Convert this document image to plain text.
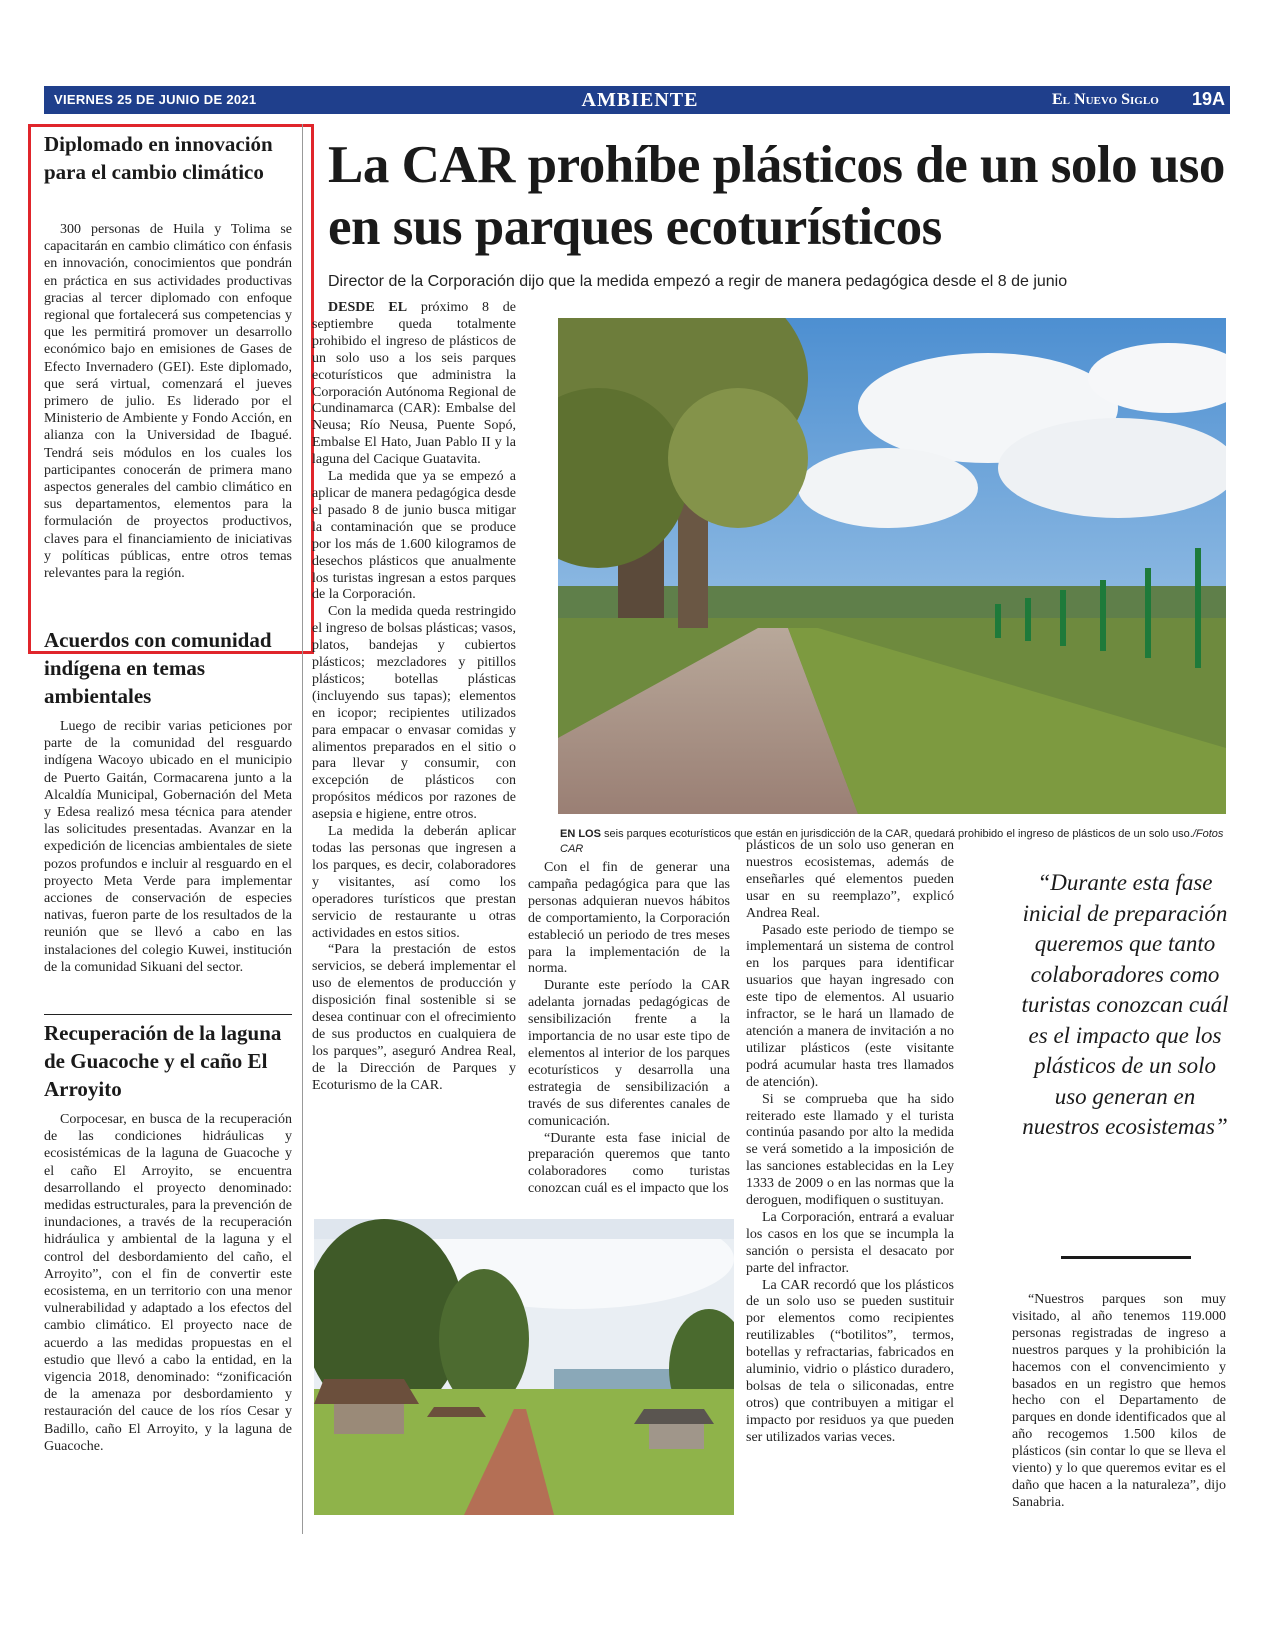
VIERNES 25 DE JUNIO DE 2021	AMBIENTE	El Nuevo Siglo 19A
Diplomado en innovación para el cambio climático
300 personas de Huila y Tolima se capacitarán en cambio climático con énfasis en innovación, conocimientos que pondrán en práctica en sus actividades productivas gracias al tercer diplomado con enfoque regional que fortalecerá sus competencias y que les permitirá promover un desarrollo económico bajo en emisiones de Gases de Efecto Invernadero (GEI). Este diplomado, que será virtual, comenzará el jueves primero de julio. Es liderado por el Ministerio de Ambiente y Fondo Acción, en alianza con la Universidad de Ibagué. Tendrá seis módulos en los cuales los participantes conocerán de primera mano aspectos generales del cambio climático en sus departamentos, elementos para la formulación de proyectos productivos, claves para el financiamiento de iniciativas y políticas públicas, entre otros temas relevantes para la región.
Acuerdos con comunidad indígena en temas ambientales
Luego de recibir varias peticiones por parte de la comunidad del resguardo indígena Wacoyo ubicado en el municipio de Puerto Gaitán, Cormacarena junto a la Alcaldía Municipal, Gobernación del Meta y Edesa realizó mesa técnica para atender las solicitudes presentadas. Avanzar en la expedición de licencias ambientales de siete pozos profundos e incluir al resguardo en el proyecto Meta Verde para implementar acciones de conservación de especies nativas, fueron parte de los resultados de la reunión que se llevó a cabo en las instalaciones del colegio Kuwei, institución de la comunidad Sikuani del sector.
Recuperación de la laguna de Guacoche y el caño El Arroyito
Corpocesar, en busca de la recuperación de las condiciones hidráulicas y ecosistémicas de la laguna de Guacoche y el caño El Arroyito, se encuentra desarrollando el proyecto denominado: medidas estructurales, para la prevención de inundaciones, a través de la recuperación hidráulica y ambiental de la laguna y el control del desbordamiento del caño, el Arroyito”, con el fin de convertir este ecosistema, en un territorio con una menor vulnerabilidad y adaptado a los efectos del cambio climático. El proyecto nace de acuerdo a las medidas propuestas en el estudio que llevó a cabo la entidad, en la vigencia 2018, denominado: “zonificación de la amenaza por desbordamiento y restauración del cauce de los ríos Cesar y Badillo, caño El Arroyito, y la laguna de Guacoche.
La CAR prohíbe plásticos de un solo uso en sus parques ecoturísticos
Director de la Corporación dijo que la medida empezó a regir de manera pedagógica desde el 8 de junio

DESDE EL próximo 8 de septiembre queda totalmente prohibido el ingreso de plásticos de un solo uso a los seis parques ecoturísticos que administra la Corporación Autónoma Regional de Cundinamarca (CAR): Embalse del Neusa; Río Neusa, Puente Sopó, Embalse El Hato, Juan Pablo II y la laguna del Cacique Guatavita.

La medida que ya se empezó a aplicar de manera pedagógica desde el pasado 8 de junio busca mitigar la contaminación que se produce por los más de 1.600 kilogramos de desechos plásticos que anualmente los turistas ingresan a estos parques de la Corporación.

Con la medida queda restringido el ingreso de bolsas plásticas; vasos, platos, bandejas y cubiertos plásticos; mezcladores y pitillos plásticos; botellas plásticas (incluyendo sus tapas); elementos en icopor; recipientes utilizados para empacar o envasar comidas y alimentos preparados en el sitio o para llevar y consumir, con excepción de plásticos con propósitos médicos por razones de asepsia e higiene, entre otros.

La medida la deberán aplicar todas las personas que ingresen a los parques, es decir, colaboradores y visitantes, así como los operadores turísticos que prestan servicio de restaurante u otras actividades en estos sitios.

“Para la prestación de estos servicios, se deberá implementar el uso de elementos de producción y disposición final sostenible si se desea continuar con el ofrecimiento de sus productos en cualquiera de los parques”, aseguró Andrea Real, de la Dirección de Parques y Ecoturismo de la CAR.

EN LOS seis parques ecoturísticos que están en jurisdicción de la CAR, quedará prohibido el ingreso de plásticos de un solo uso./Fotos CAR

Con el fin de generar una campaña pedagógica para que las personas adquieran nuevos hábitos de comportamiento, la Corporación estableció un periodo de tres meses para la implementación de la norma.

Durante este período la CAR adelanta jornadas pedagógicas de sensibilización frente a la importancia de no usar este tipo de elementos al interior de los parques ecoturísticos y desarrolla una estrategia de sensibilización a través de sus diferentes canales de comunicación.

“Durante esta fase inicial de preparación queremos que tanto colaboradores como turistas conozcan cuál es el impacto que los

plásticos de un solo uso generan en nuestros ecosistemas, además de enseñarles qué elementos pueden usar en su reemplazo”, explicó Andrea Real.

Pasado este periodo de tiempo se implementará un sistema de control en los parques para identificar usuarios que hayan ingresado con este tipo de elementos. Al usuario infractor, se le hará un llamado de atención a manera de invitación a no utilizar plásticos (este visitante podrá acumular hasta tres llamados de atención).

Si se comprueba que ha sido reiterado este llamado y el turista continúa pasando por alto la medida se verá sometido a la imposición de las sanciones establecidas en la Ley 1333 de 2009 o en las normas que la deroguen, modifiquen o sustituyan.

La Corporación, entrará a evaluar los casos en los que se incumpla la sanción o persista el desacato por parte del infractor.

La CAR recordó que los plásticos de un solo uso se pueden sustituir por elementos como recipientes reutilizables (“botilitos”, termos, botellas y refractarias, fabricados en aluminio, vidrio o plástico duradero, bolsas de tela o siliconadas, entre otros) que contribuyen a mitigar el impacto por residuos ya que pueden ser utilizados varias veces.

“Durante esta fase inicial de preparación queremos que tanto colaboradores como turistas conozcan cuál es el impacto que los plásticos de un solo uso generan en nuestros ecosistemas”

“Nuestros parques son muy visitado, al año tenemos 119.000 personas registradas de ingreso a nuestros parques y la prohibición la hacemos con el convencimiento y basados en un registro que hemos hecho con el Departamento de parques en donde identificados que al año recogemos 1.500 kilos de plásticos (sin contar lo que se lleva el viento) y lo que queremos evitar es el daño que hacen a la naturaleza”, dijo Sanabria.
